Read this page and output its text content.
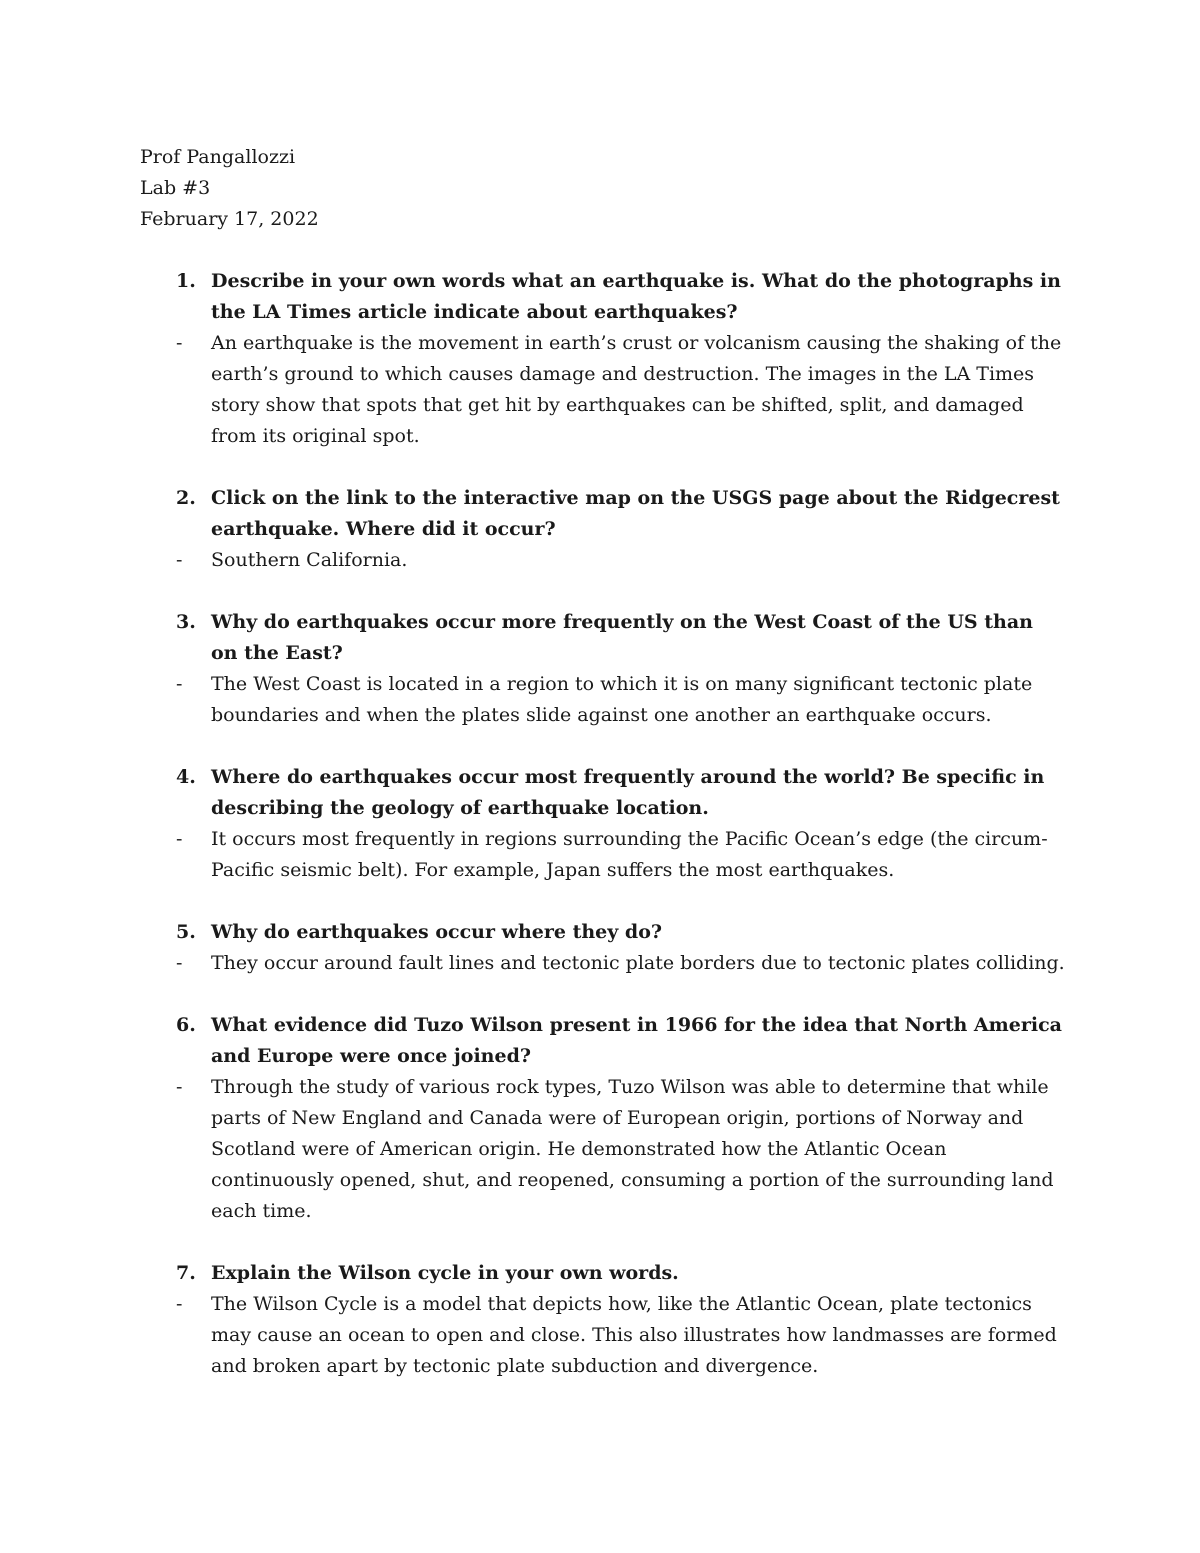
Prof Pangallozzi
Lab #3
February 17, 2022
1. Describe in your own words what an earthquake is. What do the photographs in the LA Times article indicate about earthquakes?
- An earthquake is the movement in earth’s crust or volcanism causing the shaking of the earth’s ground to which causes damage and destruction. The images in the LA Times story show that spots that get hit by earthquakes can be shifted, split, and damaged from its original spot.
2. Click on the link to the interactive map on the USGS page about the Ridgecrest earthquake. Where did it occur?
- Southern California.
3. Why do earthquakes occur more frequently on the West Coast of the US than on the East?
- The West Coast is located in a region to which it is on many significant tectonic plate boundaries and when the plates slide against one another an earthquake occurs.
4. Where do earthquakes occur most frequently around the world? Be specific in describing the geology of earthquake location.
- It occurs most frequently in regions surrounding the Pacific Ocean’s edge (the circum-Pacific seismic belt). For example, Japan suffers the most earthquakes.
5. Why do earthquakes occur where they do?
- They occur around fault lines and tectonic plate borders due to tectonic plates colliding.
6. What evidence did Tuzo Wilson present in 1966 for the idea that North America and Europe were once joined?
- Through the study of various rock types, Tuzo Wilson was able to determine that while parts of New England and Canada were of European origin, portions of Norway and Scotland were of American origin. He demonstrated how the Atlantic Ocean continuously opened, shut, and reopened, consuming a portion of the surrounding land each time.
7. Explain the Wilson cycle in your own words.
- The Wilson Cycle is a model that depicts how, like the Atlantic Ocean, plate tectonics may cause an ocean to open and close. This also illustrates how landmasses are formed and broken apart by tectonic plate subduction and divergence.
